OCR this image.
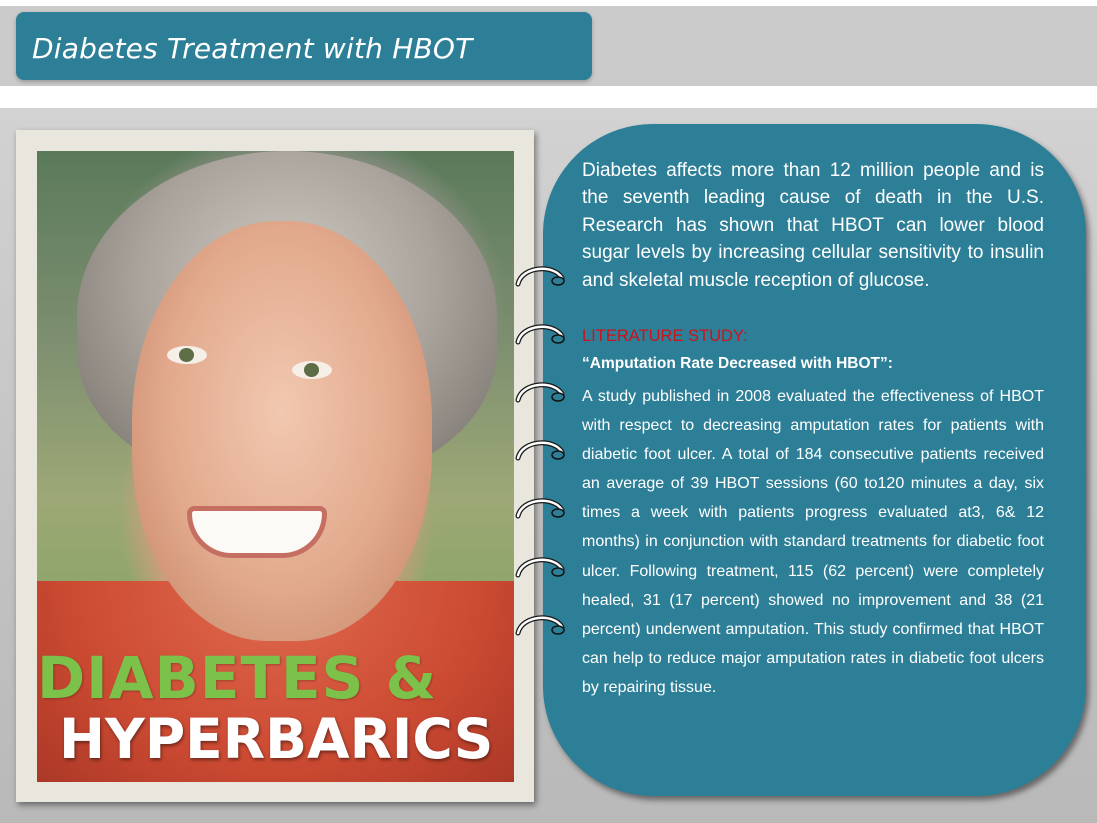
Diabetes Treatment with HBOT
DIABETES &
HYPERBARICS
Diabetes affects more than 12 million people and is the seventh leading cause of death in the U.S. Research has shown that HBOT can lower blood sugar levels by increasing cellular sensitivity to insulin and skeletal muscle reception of glucose.
LITERATURE STUDY:
“Amputation Rate Decreased with HBOT”:
A study published in 2008 evaluated the effectiveness of HBOT with respect to decreasing amputation rates for patients with diabetic foot ulcer. A total of 184 consecutive patients received an average of 39 HBOT sessions (60 to120 minutes a day, six times a week with patients progress evaluated at3, 6& 12 months) in conjunction with standard treatments for diabetic foot ulcer. Following treatment, 115 (62 percent) were completely healed, 31 (17 percent) showed no improvement and 38 (21 percent) underwent amputation. This study confirmed that HBOT can help to reduce major amputation rates in diabetic foot ulcers by repairing tissue.
